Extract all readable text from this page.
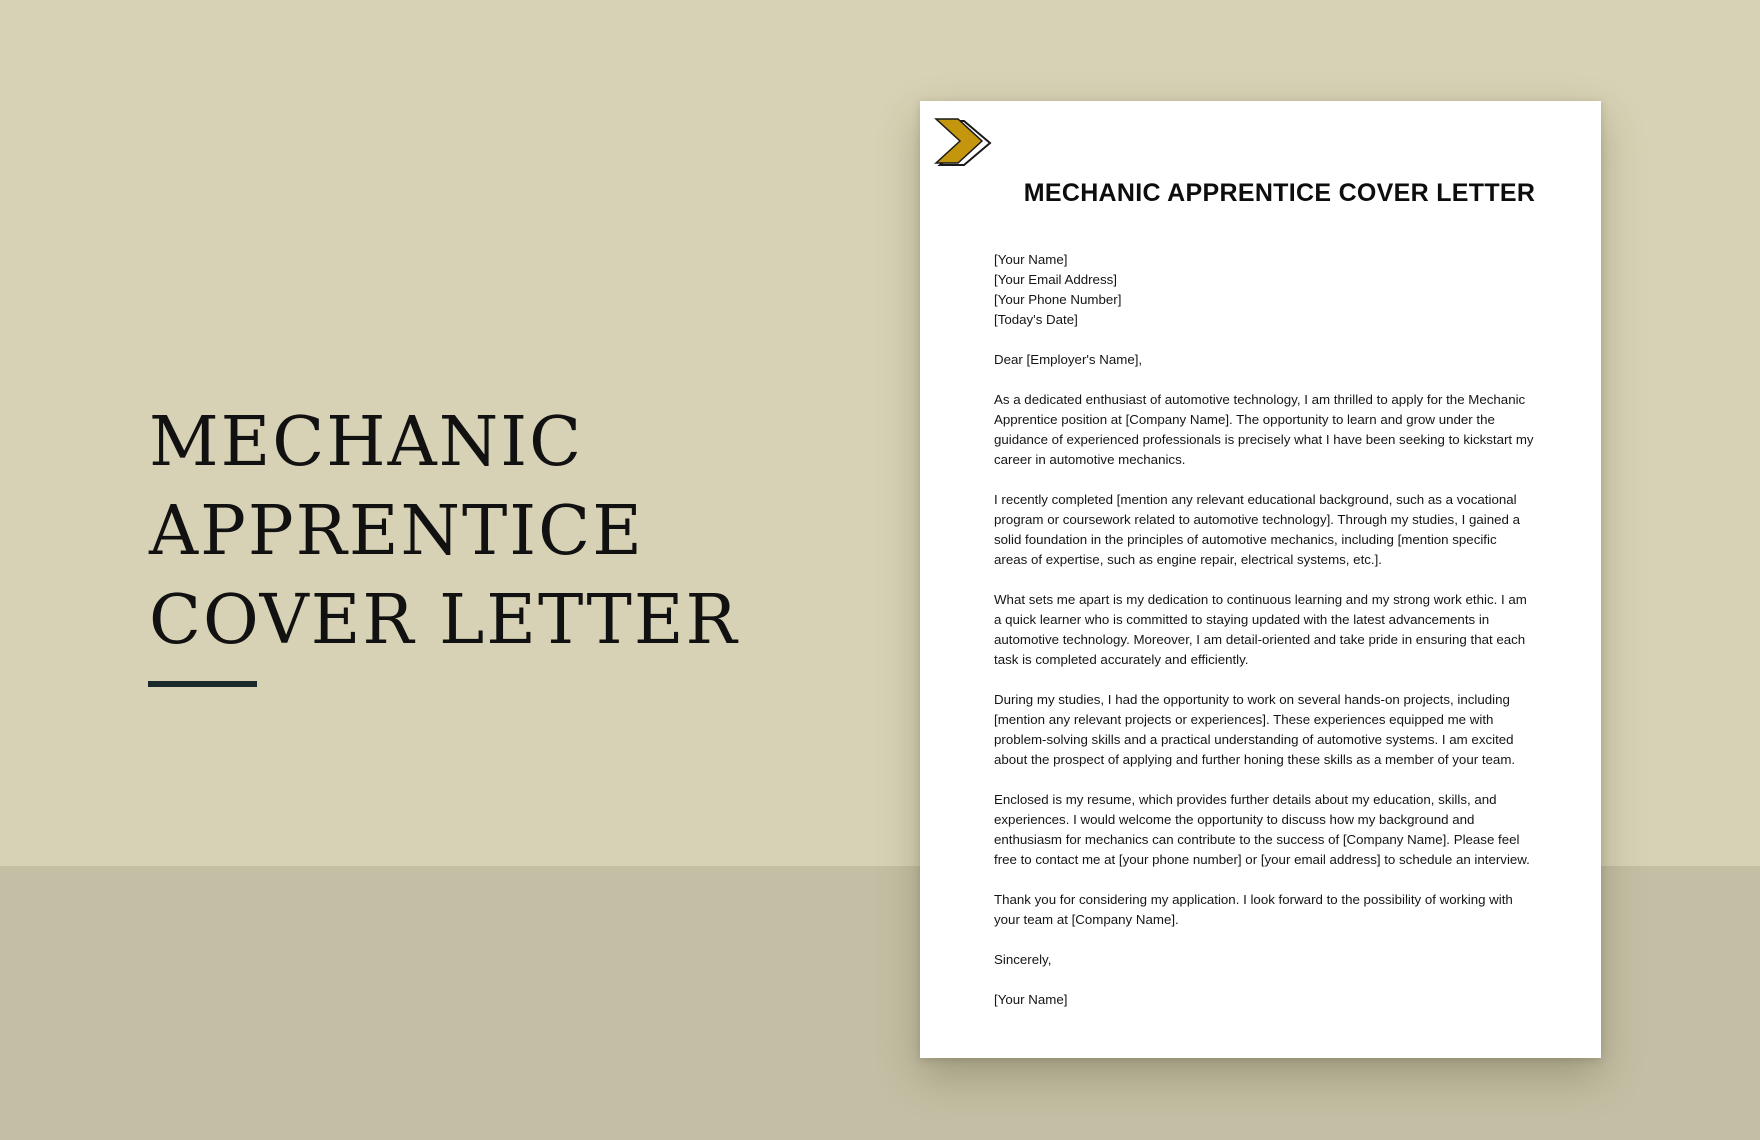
MECHANIC
APPRENTICE
COVER LETTER
MECHANIC APPRENTICE COVER LETTER

[Your Name]
[Your Email Address]
[Your Phone Number]
[Today's Date]

Dear [Employer's Name],

As a dedicated enthusiast of automotive technology, I am thrilled to apply for the Mechanic
Apprentice position at [Company Name]. The opportunity to learn and grow under the
guidance of experienced professionals is precisely what I have been seeking to kickstart my
career in automotive mechanics.

I recently completed [mention any relevant educational background, such as a vocational
program or coursework related to automotive technology]. Through my studies, I gained a
solid foundation in the principles of automotive mechanics, including [mention specific
areas of expertise, such as engine repair, electrical systems, etc.].

What sets me apart is my dedication to continuous learning and my strong work ethic. I am
a quick learner who is committed to staying updated with the latest advancements in
automotive technology. Moreover, I am detail-oriented and take pride in ensuring that each
task is completed accurately and efficiently.

During my studies, I had the opportunity to work on several hands-on projects, including
[mention any relevant projects or experiences]. These experiences equipped me with
problem-solving skills and a practical understanding of automotive systems. I am excited
about the prospect of applying and further honing these skills as a member of your team.

Enclosed is my resume, which provides further details about my education, skills, and
experiences. I would welcome the opportunity to discuss how my background and
enthusiasm for mechanics can contribute to the success of [Company Name]. Please feel
free to contact me at [your phone number] or [your email address] to schedule an interview.

Thank you for considering my application. I look forward to the possibility of working with
your team at [Company Name].

Sincerely,

[Your Name]
